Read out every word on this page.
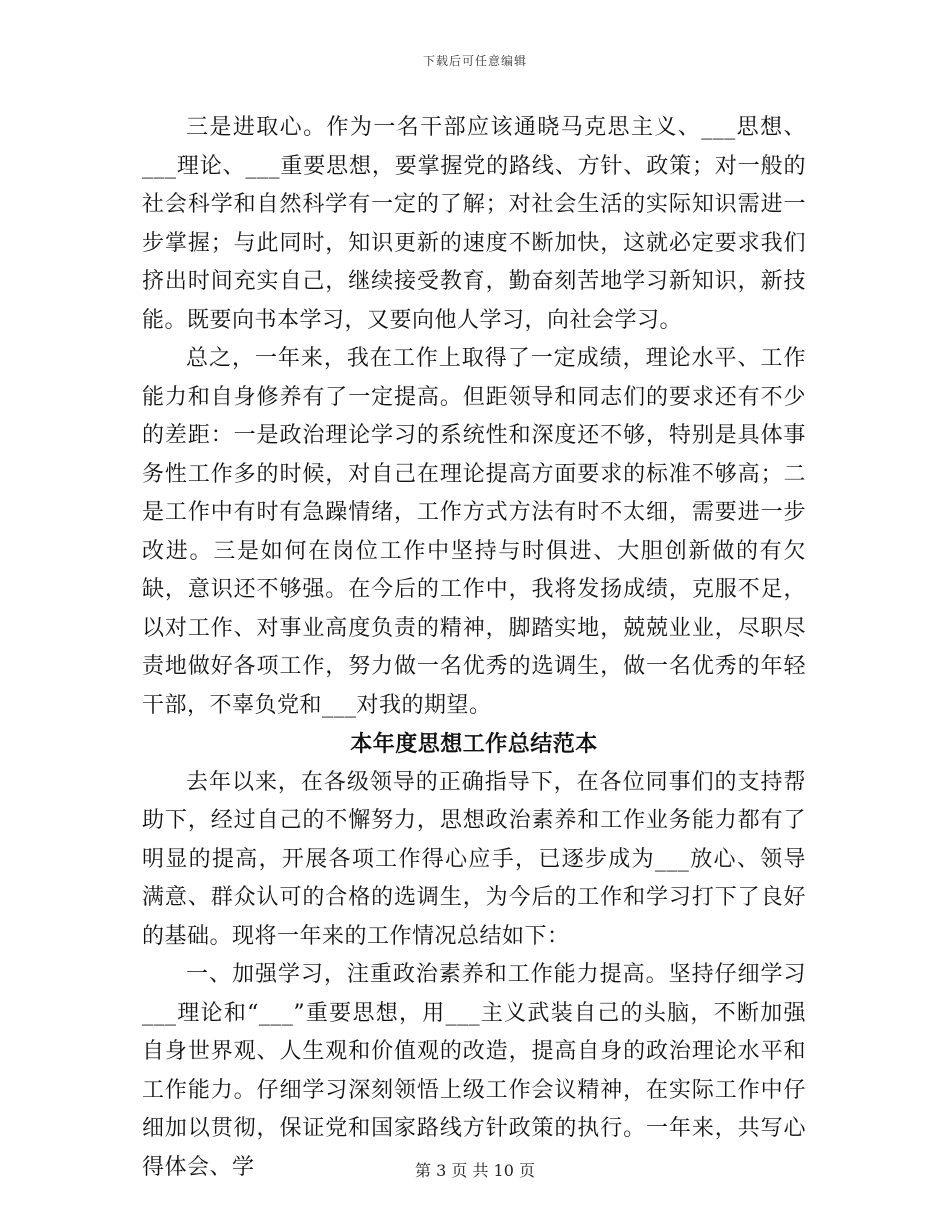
下载后可任意编辑

三是进取心。作为一名干部应该通晓马克思主义、___思想、___理论、___重要思想，要掌握党的路线、方针、政策；对一般的社会科学和自然科学有一定的了解；对社会生活的实际知识需进一步掌握；与此同时，知识更新的速度不断加快，这就必定要求我们挤出时间充实自己，继续接受教育，勤奋刻苦地学习新知识，新技能。既要向书本学习，又要向他人学习，向社会学习。

总之，一年来，我在工作上取得了一定成绩，理论水平、工作能力和自身修养有了一定提高。但距领导和同志们的要求还有不少的差距：一是政治理论学习的系统性和深度还不够，特别是具体事务性工作多的时候，对自己在理论提高方面要求的标准不够高；二是工作中有时有急躁情绪，工作方式方法有时不太细，需要进一步改进。三是如何在岗位工作中坚持与时俱进、大胆创新做的有欠缺，意识还不够强。在今后的工作中，我将发扬成绩，克服不足，以对工作、对事业高度负责的精神，脚踏实地，兢兢业业，尽职尽责地做好各项工作，努力做一名优秀的选调生，做一名优秀的年轻干部，不辜负党和___对我的期望。

本年度思想工作总结范本

去年以来，在各级领导的正确指导下，在各位同事们的支持帮助下，经过自己的不懈努力，思想政治素养和工作业务能力都有了明显的提高，开展各项工作得心应手，已逐步成为___放心、领导满意、群众认可的合格的选调生，为今后的工作和学习打下了良好的基础。现将一年来的工作情况总结如下：

一、加强学习，注重政治素养和工作能力提高。坚持仔细学习___理论和“___”重要思想，用___主义武装自己的头脑，不断加强自身世界观、人生观和价值观的改造，提高自身的政治理论水平和工作能力。仔细学习深刻领悟上级工作会议精神，在实际工作中仔细加以贯彻，保证党和国家路线方针政策的执行。一年来，共写心得体会、学	第 3 页 共 10 页
